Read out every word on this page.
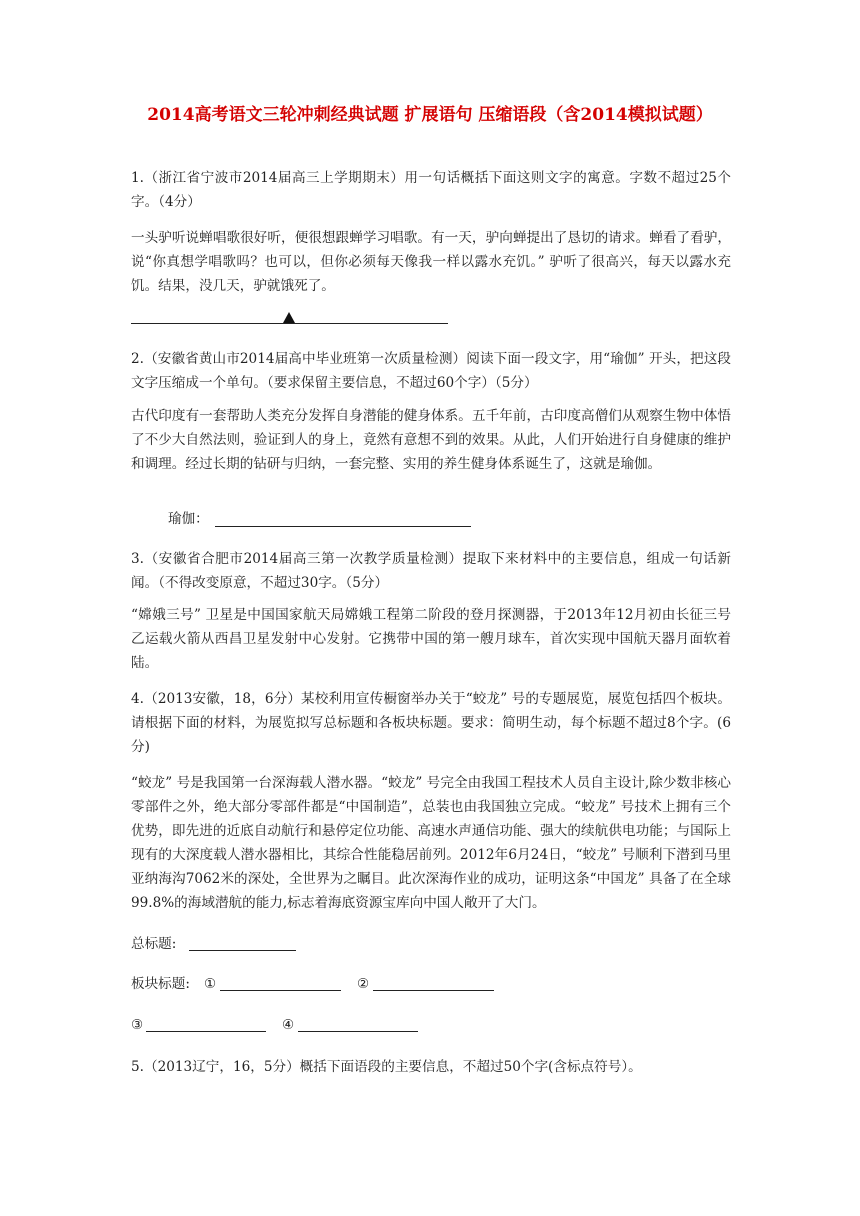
2014高考语文三轮冲刺经典试题 扩展语句 压缩语段（含2014模拟试题）

1.（浙江省宁波市2014届高三上学期期末）用一句话概括下面这则文字的寓意。字数不超过25个字。（4分）

一头驴听说蝉唱歌很好听，便很想跟蝉学习唱歌。有一天，驴向蝉提出了恳切的请求。蝉看了看驴，说“你真想学唱歌吗？也可以，但你必须每天像我一样以露水充饥。” 驴听了很高兴，每天以露水充饥。结果，没几天，驴就饿死了。

2.（安徽省黄山市2014届高中毕业班第一次质量检测）阅读下面一段文字，用“瑜伽” 开头，把这段文字压缩成一个单句。（要求保留主要信息，不超过60个字）（5分）

古代印度有一套帮助人类充分发挥自身潜能的健身体系。五千年前，古印度高僧们从观察生物中体悟了不少大自然法则，验证到人的身上，竟然有意想不到的效果。从此，人们开始进行自身健康的维护和调理。经过长期的钻研与归纳，一套完整、实用的养生健身体系诞生了，这就是瑜伽。

瑜伽：

3.（安徽省合肥市2014届高三第一次教学质量检测）提取下来材料中的主要信息，组成一句话新闻。（不得改变原意，不超过30字。（5分）

“嫦娥三号” 卫星是中国国家航天局嫦娥工程第二阶段的登月探测器，于2013年12月初由长征三号乙运载火箭从西昌卫星发射中心发射。它携带中国的第一艘月球车，首次实现中国航天器月面软着陆。

4.（2013安徽，18，6分）某校利用宣传橱窗举办关于“蛟龙” 号的专题展览，展览包括四个板块。请根据下面的材料，为展览拟写总标题和各板块标题。要求：简明生动，每个标题不超过8个字。(6分)

“蛟龙” 号是我国第一台深海载人潜水器。“蛟龙” 号完全由我国工程技术人员自主设计,除少数非核心零部件之外，绝大部分零部件都是“中国制造”，总装也由我国独立完成。“蛟龙” 号技术上拥有三个优势，即先进的近底自动航行和悬停定位功能、高速水声通信功能、强大的续航供电功能；与国际上现有的大深度载人潜水器相比，其综合性能稳居前列。2012年6月24日，“蛟龙” 号顺利下潜到马里亚纳海沟7062米的深处，全世界为之瞩目。此次深海作业的成功，证明这条“中国龙” 具备了在全球99.8%的海域潜航的能力,标志着海底资源宝库向中国人敞开了大门。

总标题:
板块标题: ①	②
③	④

5.（2013辽宁，16，5分）概括下面语段的主要信息，不超过50个字(含标点符号）。
